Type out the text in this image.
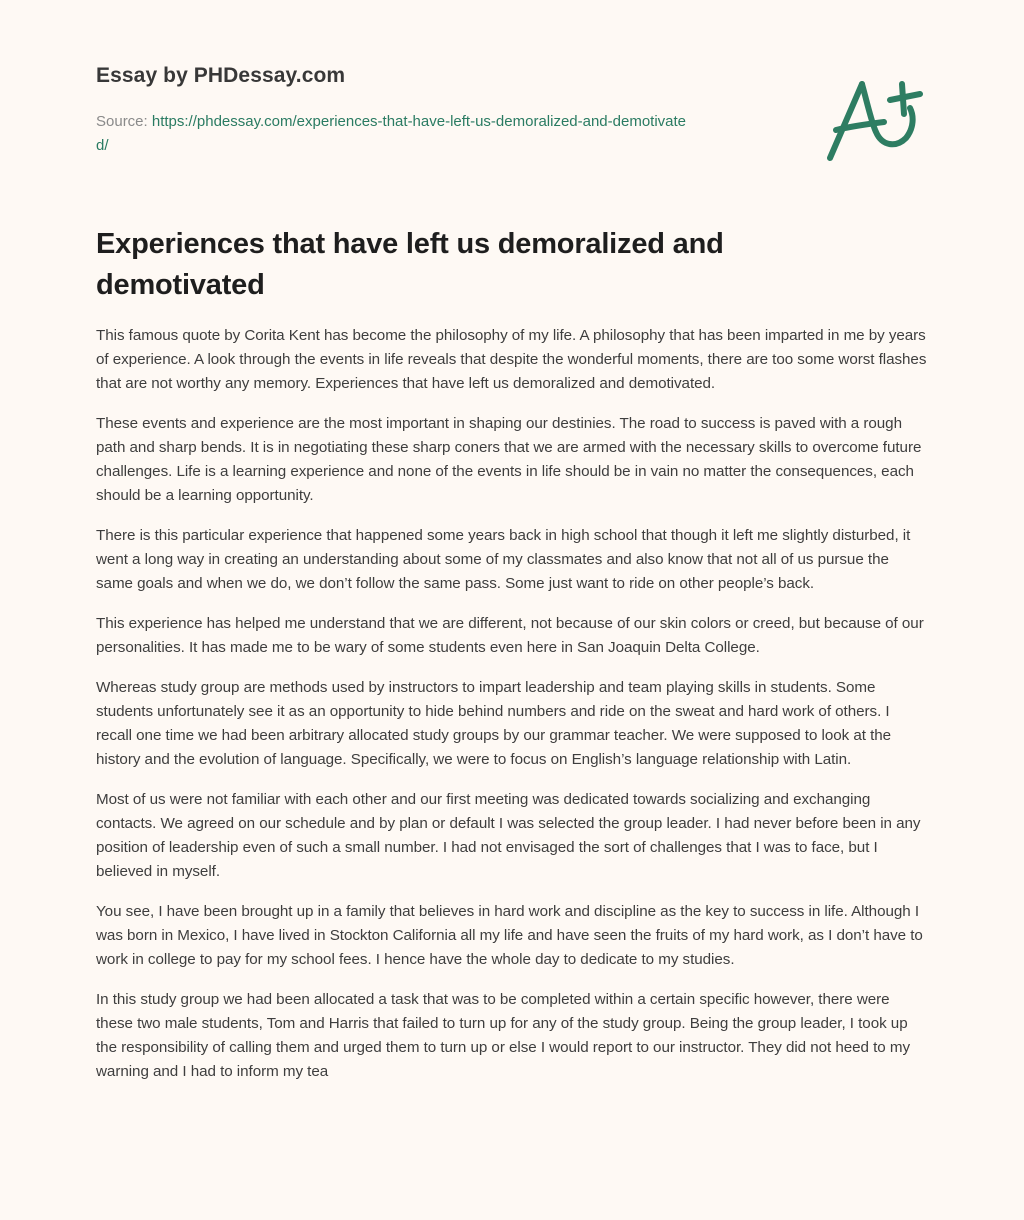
Essay by PHDessay.com
Source: https://phdessay.com/experiences-that-have-left-us-demoralized-and-demotivated/
Experiences that have left us demoralized and demotivated

This famous quote by Corita Kent has become the philosophy of my life. A philosophy that has been imparted in me by years of experience. A look through the events in life reveals that despite the wonderful moments, there are too some worst flashes that are not worthy any memory. Experiences that have left us demoralized and demotivated.

These events and experience are the most important in shaping our destinies. The road to success is paved with a rough path and sharp bends. It is in negotiating these sharp coners that we are armed with the necessary skills to overcome future challenges. Life is a learning experience and none of the events in life should be in vain no matter the consequences, each should be a learning opportunity.

There is this particular experience that happened some years back in high school that though it left me slightly disturbed, it went a long way in creating an understanding about some of my classmates and also know that not all of us pursue the same goals and when we do, we don’t follow the same pass. Some just want to ride on other people’s back.

This experience has helped me understand that we are different, not because of our skin colors or creed, but because of our personalities. It has made me to be wary of some students even here in San Joaquin Delta College.

Whereas study group are methods used by instructors to impart leadership and team playing skills in students. Some students unfortunately see it as an opportunity to hide behind numbers and ride on the sweat and hard work of others. I recall one time we had been arbitrary allocated study groups by our grammar teacher. We were supposed to look at the history and the evolution of language. Specifically, we were to focus on English’s language relationship with Latin.

Most of us were not familiar with each other and our first meeting was dedicated towards socializing and exchanging contacts. We agreed on our schedule and by plan or default I was selected the group leader. I had never before been in any position of leadership even of such a small number. I had not envisaged the sort of challenges that I was to face, but I believed in myself.

You see, I have been brought up in a family that believes in hard work and discipline as the key to success in life. Although I was born in Mexico, I have lived in Stockton California all my life and have seen the fruits of my hard work, as I don’t have to work in college to pay for my school fees. I hence have the whole day to dedicate to my studies.

In this study group we had been allocated a task that was to be completed within a certain specific however, there were these two male students, Tom and Harris that failed to turn up for any of the study group. Being the group leader, I took up the responsibility of calling them and urged them to turn up or else I would report to our instructor. They did not heed to my warning and I had to inform my tea
